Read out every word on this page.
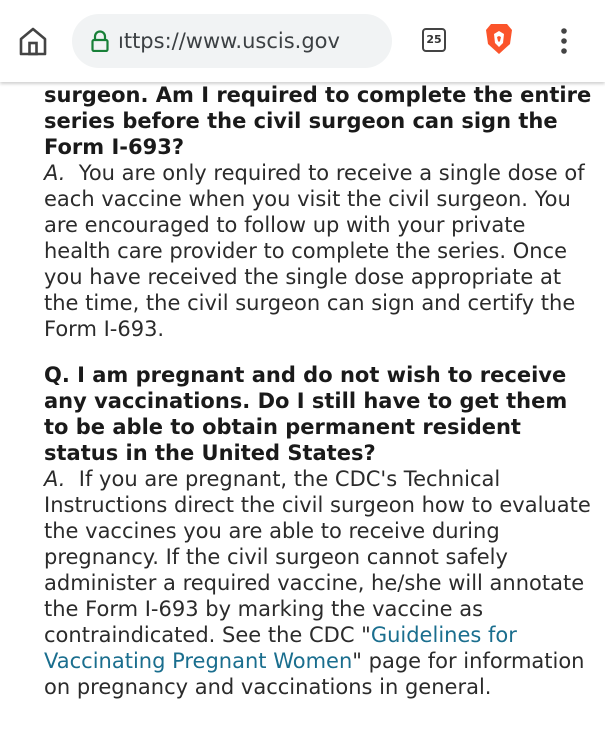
ıttps://www.uscis.gov	25
surgeon. Am I required to complete the entire series before the civil surgeon can sign the Form I-693?
A. You are only required to receive a single dose of each vaccine when you visit the civil surgeon. You are encouraged to follow up with your private health care provider to complete the series. Once you have received the single dose appropriate at the time, the civil surgeon can sign and certify the Form I-693.
Q. I am pregnant and do not wish to receive any vaccinations. Do I still have to get them to be able to obtain permanent resident status in the United States?
A. If you are pregnant, the CDC's Technical Instructions direct the civil surgeon how to evaluate the vaccines you are able to receive during pregnancy. If the civil surgeon cannot safely administer a required vaccine, he/she will annotate the Form I-693 by marking the vaccine as contraindicated. See the CDC "Guidelines for Vaccinating Pregnant Women" page for information on pregnancy and vaccinations in general.
